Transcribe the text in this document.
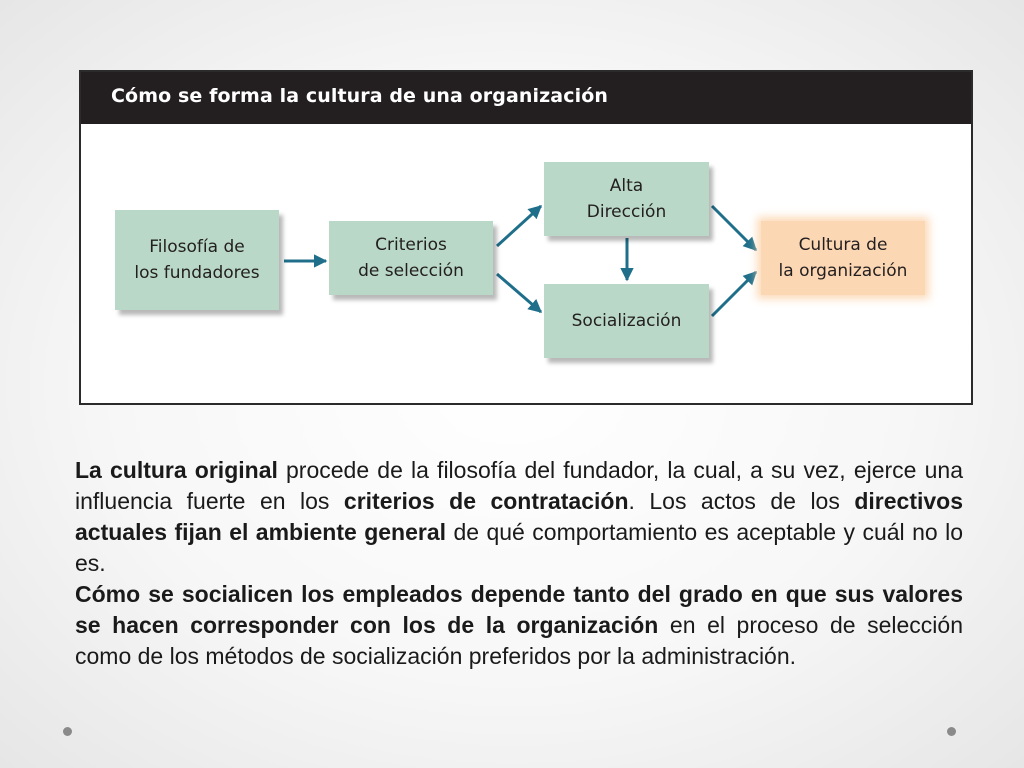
Cómo se forma la cultura de una organización
Filosofía de
los fundadores
Criterios
de selección
Alta
Dirección
Socialización
Cultura de
la organización

La cultura original procede de la filosofía del fundador, la cual, a su vez, ejerce una influencia fuerte en los criterios de contratación. Los actos de los directivos actuales fijan el ambiente general de qué comportamiento es aceptable y cuál no lo es.

Cómo se socialicen los empleados depende tanto del grado en que sus valores se hacen corresponder con los de la organización en el proceso de selección como de los métodos de socialización preferidos por la administración.
